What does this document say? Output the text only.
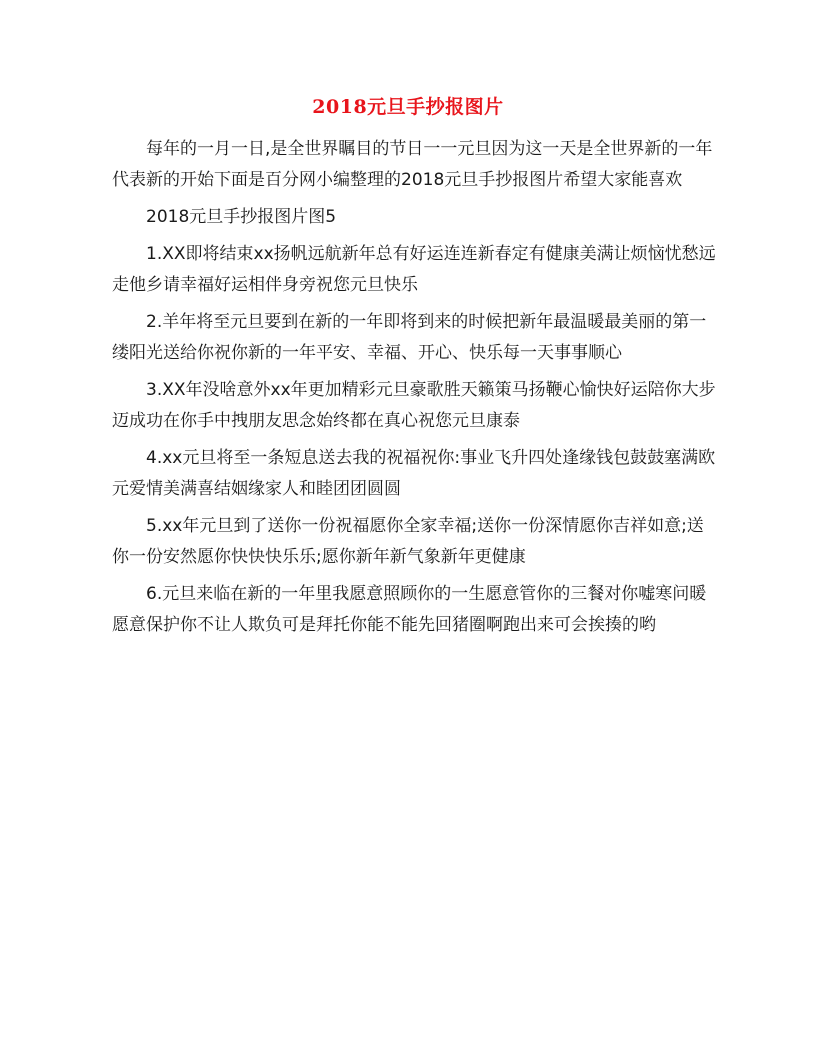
2018元旦手抄报图片

每年的一月一日,是全世界瞩目的节日一一元旦因为这一天是全世界新的一年代表新的开始下面是百分网小编整理的2018元旦手抄报图片希望大家能喜欢

2018元旦手抄报图片图5

1.XX即将结束xx扬帆远航新年总有好运连连新春定有健康美满让烦恼忧愁远走他乡请幸福好运相伴身旁祝您元旦快乐

2.羊年将至元旦要到在新的一年即将到来的时候把新年最温暖最美丽的第一缕阳光送给你祝你新的一年平安、幸福、开心、快乐每一天事事顺心

3.XX年没啥意外xx年更加精彩元旦豪歌胜天籁策马扬鞭心愉快好运陪你大步迈成功在你手中拽朋友思念始终都在真心祝您元旦康泰

4.xx元旦将至一条短息送去我的祝福祝你:事业飞升四处逢缘钱包鼓鼓塞满欧元爱情美满喜结姻缘家人和睦团团圆圆

5.xx年元旦到了送你一份祝福愿你全家幸福;送你一份深情愿你吉祥如意;送你一份安然愿你快快快乐乐;愿你新年新气象新年更健康

6.元旦来临在新的一年里我愿意照顾你的一生愿意管你的三餐对你嘘寒问暖愿意保护你不让人欺负可是拜托你能不能先回猪圈啊跑出来可会挨揍的哟
